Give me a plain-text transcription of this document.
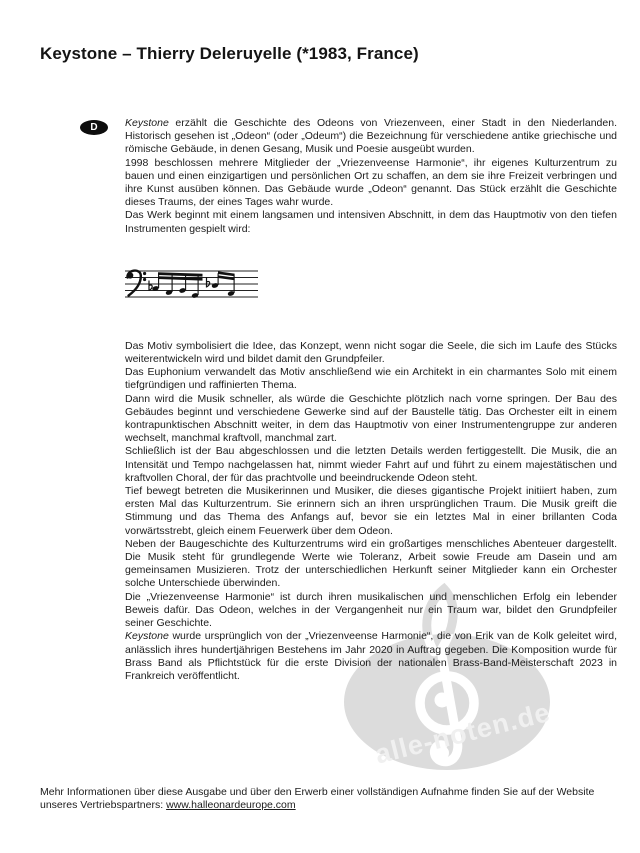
alle-noten.de
Keystone – Thierry Deleruyelle (*1983, France)
D	Keystone erzählt die Geschichte des Odeons von Vriezenveen, einer Stadt in den Niederlanden. Historisch gesehen ist „Odeon“ (oder „Odeum“) die Bezeichnung für verschiedene antike griechische und römische Gebäude, in denen Gesang, Musik und Poesie ausgeübt wurden.

1998 beschlossen mehrere Mitglieder der „Vriezenveense Harmonie“, ihr eigenes Kulturzentrum zu bauen und einen einzigartigen und persönlichen Ort zu schaffen, an dem sie ihre Freizeit verbringen und ihre Kunst ausüben können. Das Gebäude wurde „Odeon“ genannt. Das Stück erzählt die Geschichte dieses Traums, der eines Tages wahr wurde.

Das Werk beginnt mit einem langsamen und intensiven Abschnitt, in dem das Hauptmotiv von den tiefen Instrumenten gespielt wird:

Das Motiv symbolisiert die Idee, das Konzept, wenn nicht sogar die Seele, die sich im Laufe des Stücks weiterentwickeln wird und bildet damit den Grundpfeiler.

Das Euphonium verwandelt das Motiv anschließend wie ein Architekt in ein charmantes Solo mit einem tiefgründigen und raffinierten Thema.

Dann wird die Musik schneller, als würde die Geschichte plötzlich nach vorne springen. Der Bau des Gebäudes beginnt und verschiedene Gewerke sind auf der Baustelle tätig. Das Orchester eilt in einem kontrapunktischen Abschnitt weiter, in dem das Hauptmotiv von einer Instrumentengruppe zur anderen wechselt, manchmal kraftvoll, manchmal zart.

Schließlich ist der Bau abgeschlossen und die letzten Details werden fertiggestellt. Die Musik, die an Intensität und Tempo nachgelassen hat, nimmt wieder Fahrt auf und führt zu einem majestätischen und kraftvollen Choral, der für das prachtvolle und beeindruckende Odeon steht.

Tief bewegt betreten die Musikerinnen und Musiker, die dieses gigantische Projekt initiiert haben, zum ersten Mal das Kulturzentrum. Sie erinnern sich an ihren ursprünglichen Traum. Die Musik greift die Stimmung und das Thema des Anfangs auf, bevor sie ein letztes Mal in einer brillanten Coda vorwärtsstrebt, gleich einem Feuerwerk über dem Odeon.

Neben der Baugeschichte des Kulturzentrums wird ein großartiges menschliches Abenteuer dargestellt. Die Musik steht für grundlegende Werte wie Toleranz, Arbeit sowie Freude am Dasein und am gemeinsamen Musizieren. Trotz der unterschiedlichen Herkunft seiner Mitglieder kann ein Orchester solche Unterschiede überwinden.

Die „Vriezenveense Harmonie“ ist durch ihren musikalischen und menschlichen Erfolg ein lebender Beweis dafür. Das Odeon, welches in der Vergangenheit nur ein Traum war, bildet den Grundpfeiler seiner Geschichte.

Keystone wurde ursprünglich von der „Vriezenveense Harmonie“, die von Erik van de Kolk geleitet wird, anlässlich ihres hundertjährigen Bestehens im Jahr 2020 in Auftrag gegeben. Die Komposition wurde für Brass Band als Pflichtstück für die erste Division der nationalen Brass-Band-Meisterschaft 2023 in Frankreich veröffentlicht.

Mehr Informationen über diese Ausgabe und über den Erwerb einer vollständigen Aufnahme finden Sie auf der Website unseres Vertriebspartners: www.halleonardeurope.com
